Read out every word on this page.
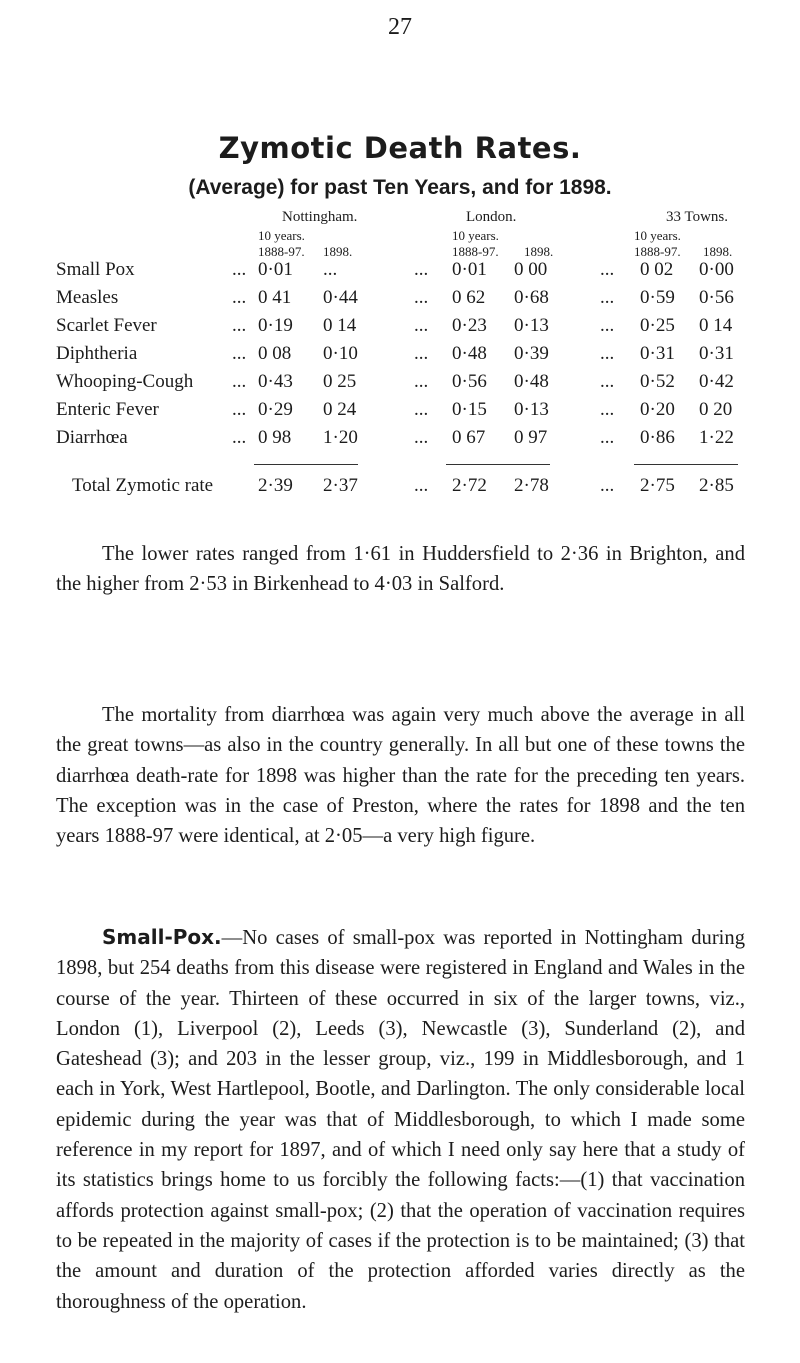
27
Zymotic Death Rates.
(Average) for past Ten Years, and for 1898.
Nottingham.	London.	33 Towns.
10 years.
1888-97. 1898.
10 years.
1888-97. 1898.
10 years.
1888-97. 1898.
Small Pox	... 0·01 ...	... 0·01 0 00	... 0 02 0·00
Measles	... 0 41 0·44	... 0 62 0·68	... 0·59 0·56
Scarlet Fever	... 0·19 0 14	... 0·23 0·13	... 0·25 0 14
Diphtheria	... 0 08 0·10	... 0·48 0·39	... 0·31 0·31
Whooping-Cough ... 0·43 0 25	... 0·56 0·48	... 0·52 0·42
Enteric Fever	... 0·29 0 24	... 0·15 0·13	... 0·20 0 20
Diarrhœa	... 0 98 1·20	... 0 67 0 97	... 0·86 1·22
Total Zymotic rate 2·39 2·37	... 2·72 2·78	... 2·75 2·85

The lower rates ranged from 1·61 in Huddersfield to 2·36 in Brighton, and the higher from 2·53 in Birkenhead to 4·03 in Salford.

The mortality from diarrhœa was again very much above the average in all the great towns—as also in the country generally. In all but one of these towns the diarrhœa death-rate for 1898 was higher than the rate for the preceding ten years. The exception was in the case of Preston, where the rates for 1898 and the ten years 1888-97 were identical, at 2·05—a very high figure.

Small-Pox.—No cases of small-pox was reported in Nottingham during 1898, but 254 deaths from this disease were registered in England and Wales in the course of the year. Thirteen of these occurred in six of the larger towns, viz., London (1), Liverpool (2), Leeds (3), Newcastle (3), Sunderland (2), and Gateshead (3); and 203 in the lesser group, viz., 199 in Middlesborough, and 1 each in York, West Hartlepool, Bootle, and Darlington. The only considerable local epidemic during the year was that of Middlesborough, to which I made some reference in my report for 1897, and of which I need only say here that a study of its statistics brings home to us forcibly the following facts:—(1) that vaccination affords protection against small-pox; (2) that the operation of vaccination requires to be repeated in the majority of cases if the protection is to be maintained; (3) that the amount and duration of the protection afforded varies directly as the thoroughness of the operation.
